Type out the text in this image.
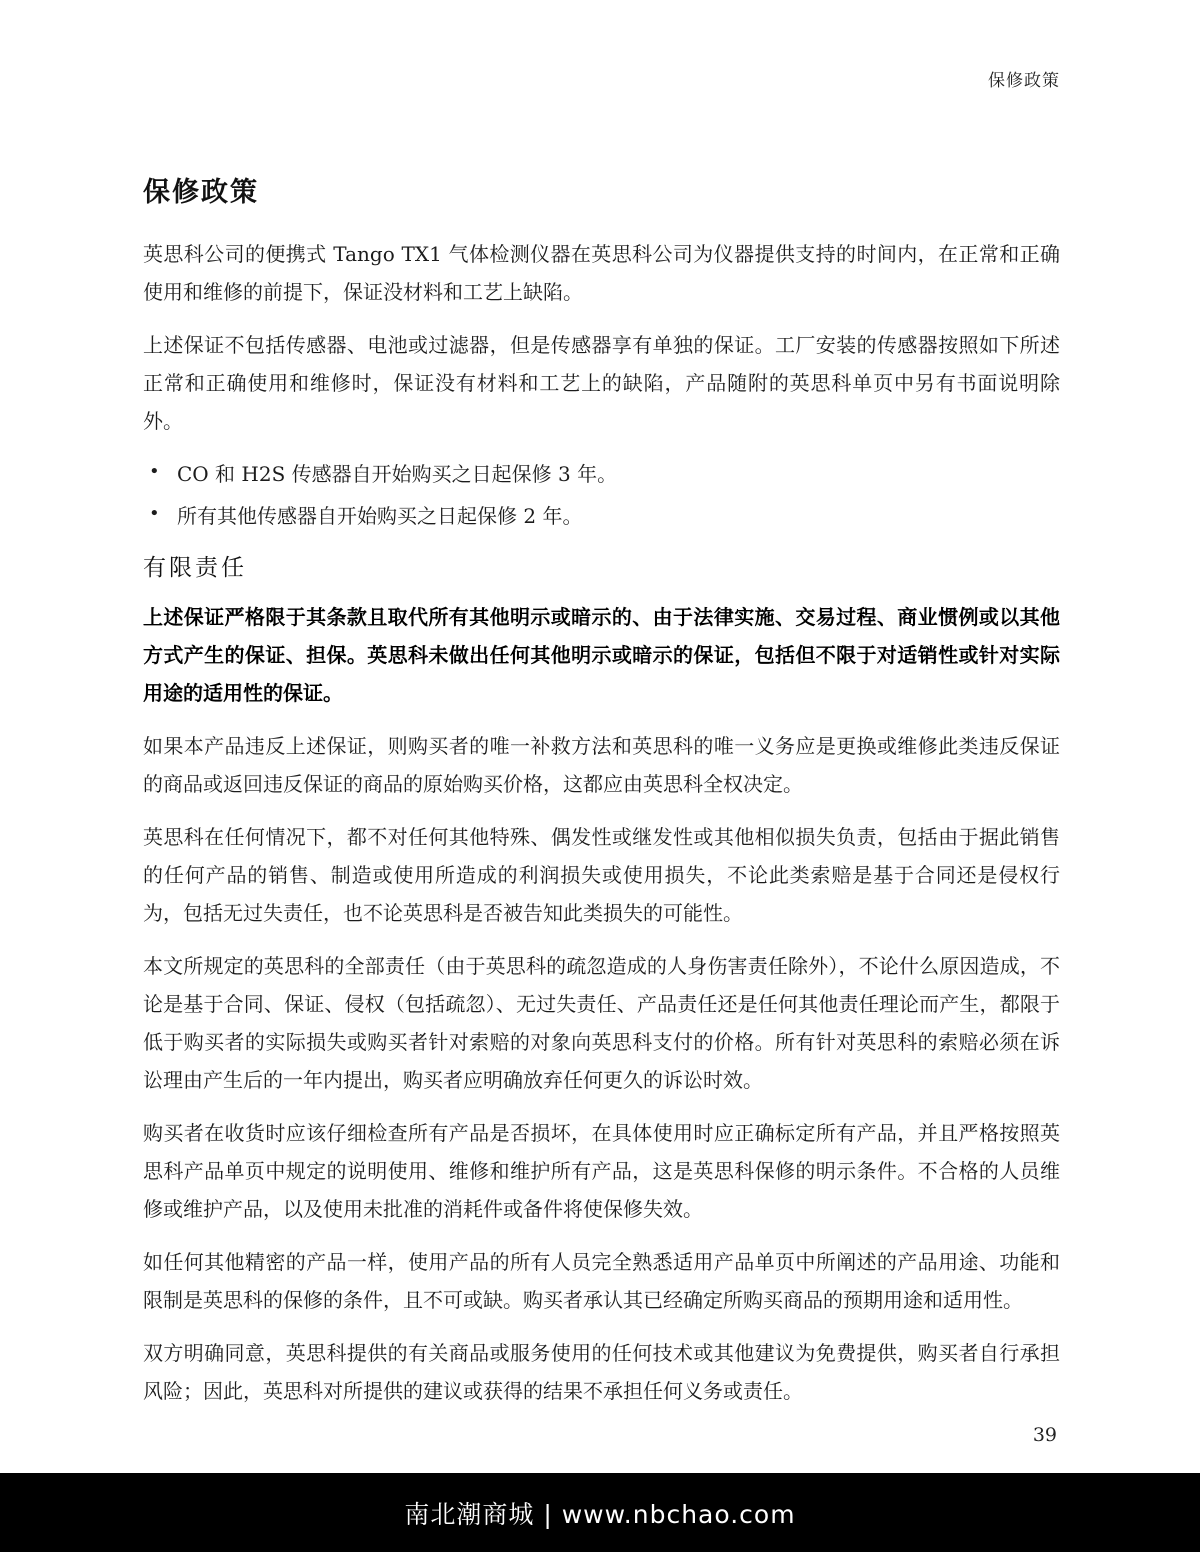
保修政策
保修政策

英思科公司的便携式 Tango TX1 气体检测仪器在英思科公司为仪器提供支持的时间内，在正常和正确使用和维修的前提下，保证没材料和工艺上缺陷。

上述保证不包括传感器、电池或过滤器，但是传感器享有单独的保证。工厂安装的传感器按照如下所述正常和正确使用和维修时，保证没有材料和工艺上的缺陷，产品随附的英思科单页中另有书面说明除外。

• CO 和 H2S 传感器自开始购买之日起保修 3 年。
• 所有其他传感器自开始购买之日起保修 2 年。
有限责任

上述保证严格限于其条款且取代所有其他明示或暗示的、由于法律实施、交易过程、商业惯例或以其他方式产生的保证、担保。英思科未做出任何其他明示或暗示的保证，包括但不限于对适销性或针对实际用途的适用性的保证。

如果本产品违反上述保证，则购买者的唯一补救方法和英思科的唯一义务应是更换或维修此类违反保证的商品或返回违反保证的商品的原始购买价格，这都应由英思科全权决定。

英思科在任何情况下，都不对任何其他特殊、偶发性或继发性或其他相似损失负责，包括由于据此销售的任何产品的销售、制造或使用所造成的利润损失或使用损失，不论此类索赔是基于合同还是侵权行为，包括无过失责任，也不论英思科是否被告知此类损失的可能性。

本文所规定的英思科的全部责任（由于英思科的疏忽造成的人身伤害责任除外），不论什么原因造成，不论是基于合同、保证、侵权（包括疏忽）、无过失责任、产品责任还是任何其他责任理论而产生，都限于低于购买者的实际损失或购买者针对索赔的对象向英思科支付的价格。所有针对英思科的索赔必须在诉讼理由产生后的一年内提出，购买者应明确放弃任何更久的诉讼时效。

购买者在收货时应该仔细检查所有产品是否损坏，在具体使用时应正确标定所有产品，并且严格按照英思科产品单页中规定的说明使用、维修和维护所有产品，这是英思科保修的明示条件。不合格的人员维修或维护产品，以及使用未批准的消耗件或备件将使保修失效。

如任何其他精密的产品一样，使用产品的所有人员完全熟悉适用产品单页中所阐述的产品用途、功能和限制是英思科的保修的条件，且不可或缺。购买者承认其已经确定所购买商品的预期用途和适用性。

双方明确同意，英思科提供的有关商品或服务使用的任何技术或其他建议为免费提供，购买者自行承担风险；因此，英思科对所提供的建议或获得的结果不承担任何义务或责任。

39
南北潮商城 | www.nbchao.com
